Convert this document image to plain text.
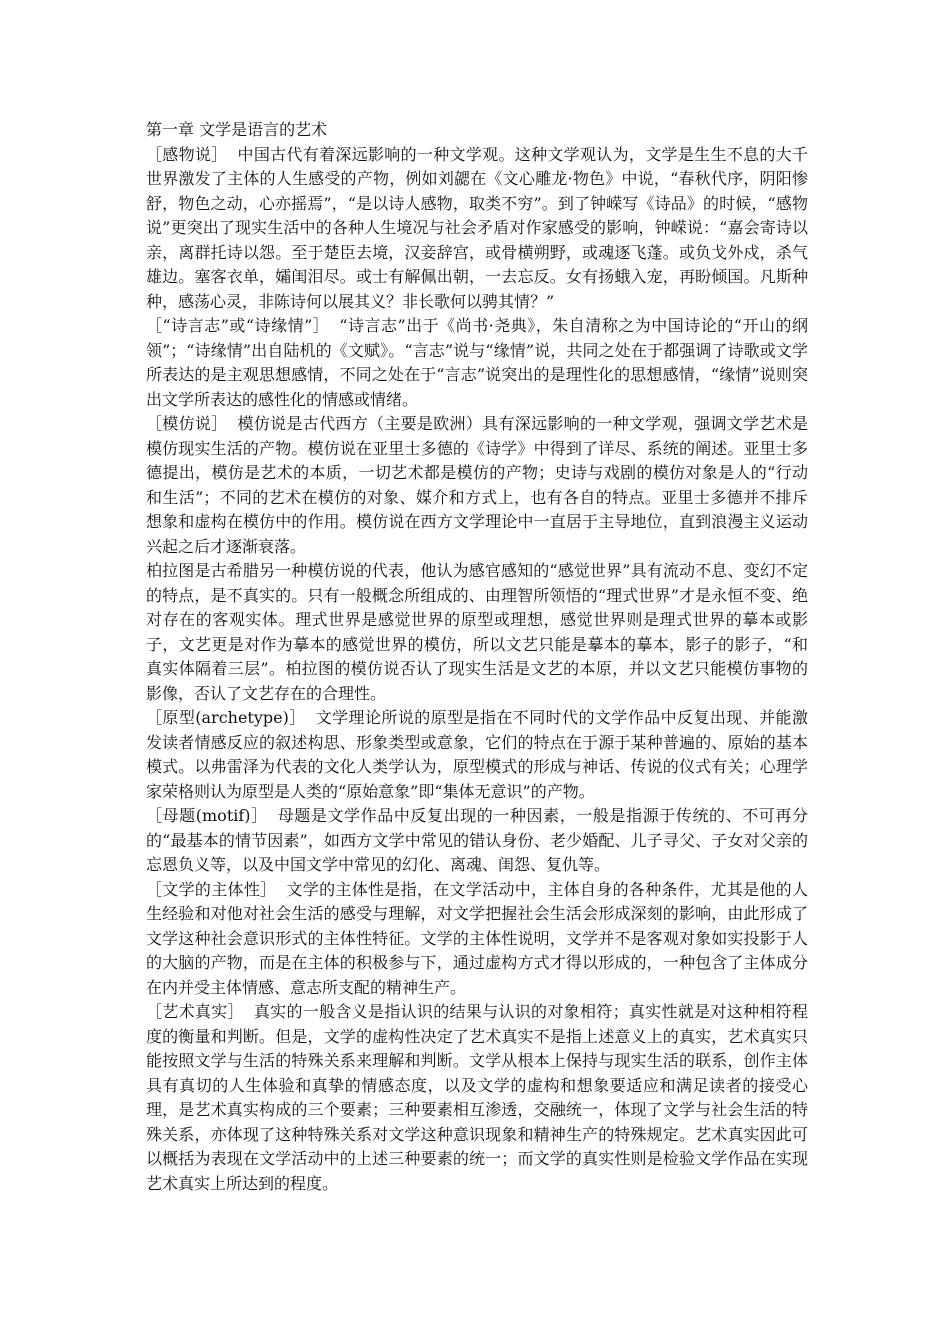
第一章 文学是语言的艺术

［感物说］ 中国古代有着深远影响的一种文学观。这种文学观认为，文学是生生不息的大千世界激发了主体的人生感受的产物，例如刘勰在《文心雕龙·物色》中说，“春秋代序，阴阳惨舒，物色之动，心亦摇焉”，“是以诗人感物，取类不穷”。到了钟嵘写《诗品》的时候，“感物说”更突出了现实生活中的各种人生境况与社会矛盾对作家感受的影响，钟嵘说：“嘉会寄诗以亲，离群托诗以怨。至于楚臣去境，汉妾辞宫，或骨横朔野，或魂逐飞蓬。或负戈外戍，杀气雄边。塞客衣单，孀闺泪尽。或士有解佩出朝，一去忘反。女有扬蛾入宠，再盼倾国。凡斯种种，感荡心灵，非陈诗何以展其义？非长歌何以骋其情？”

［“诗言志”或“诗缘情”］ “诗言志”出于《尚书·尧典》，朱自清称之为中国诗论的“开山的纲领”；“诗缘情”出自陆机的《文赋》。“言志”说与“缘情”说，共同之处在于都强调了诗歌或文学所表达的是主观思想感情，不同之处在于“言志”说突出的是理性化的思想感情，“缘情”说则突出文学所表达的感性化的情感或情绪。

［模仿说］ 模仿说是古代西方（主要是欧洲）具有深远影响的一种文学观，强调文学艺术是模仿现实生活的产物。模仿说在亚里士多德的《诗学》中得到了详尽、系统的阐述。亚里士多德提出，模仿是艺术的本质，一切艺术都是模仿的产物；史诗与戏剧的模仿对象是人的“行动和生活”；不同的艺术在模仿的对象、媒介和方式上，也有各自的特点。亚里士多德并不排斥想象和虚构在模仿中的作用。模仿说在西方文学理论中一直居于主导地位，直到浪漫主义运动兴起之后才逐渐衰落。

柏拉图是古希腊另一种模仿说的代表，他认为感官感知的“感觉世界”具有流动不息、变幻不定的特点，是不真实的。只有一般概念所组成的、由理智所领悟的“理式世界”才是永恒不变、绝对存在的客观实体。理式世界是感觉世界的原型或理想，感觉世界则是理式世界的摹本或影子，文艺更是对作为摹本的感觉世界的模仿，所以文艺只能是摹本的摹本，影子的影子，“和真实体隔着三层”。柏拉图的模仿说否认了现实生活是文艺的本原，并以文艺只能模仿事物的影像，否认了文艺存在的合理性。

［原型(archetype)］ 文学理论所说的原型是指在不同时代的文学作品中反复出现、并能激发读者情感反应的叙述构思、形象类型或意象，它们的特点在于源于某种普遍的、原始的基本模式。以弗雷泽为代表的文化人类学认为，原型模式的形成与神话、传说的仪式有关；心理学家荣格则认为原型是人类的“原始意象”即“集体无意识”的产物。

［母题(motif)］ 母题是文学作品中反复出现的一种因素，一般是指源于传统的、不可再分的“最基本的情节因素”，如西方文学中常见的错认身份、老少婚配、儿子寻父、子女对父亲的忘恩负义等，以及中国文学中常见的幻化、离魂、闺怨、复仇等。

［文学的主体性］ 文学的主体性是指，在文学活动中，主体自身的各种条件，尤其是他的人生经验和对他对社会生活的感受与理解，对文学把握社会生活会形成深刻的影响，由此形成了文学这种社会意识形式的主体性特征。文学的主体性说明，文学并不是客观对象如实投影于人的大脑的产物，而是在主体的积极参与下，通过虚构方式才得以形成的，一种包含了主体成分在内并受主体情感、意志所支配的精神生产。

［艺术真实］ 真实的一般含义是指认识的结果与认识的对象相符；真实性就是对这种相符程度的衡量和判断。但是，文学的虚构性决定了艺术真实不是指上述意义上的真实，艺术真实只能按照文学与生活的特殊关系来理解和判断。文学从根本上保持与现实生活的联系，创作主体具有真切的人生体验和真挚的情感态度，以及文学的虚构和想象要适应和满足读者的接受心理，是艺术真实构成的三个要素；三种要素相互渗透，交融统一，体现了文学与社会生活的特殊关系，亦体现了这种特殊关系对文学这种意识现象和精神生产的特殊规定。艺术真实因此可以概括为表现在文学活动中的上述三种要素的统一；而文学的真实性则是检验文学作品在实现艺术真实上所达到的程度。
